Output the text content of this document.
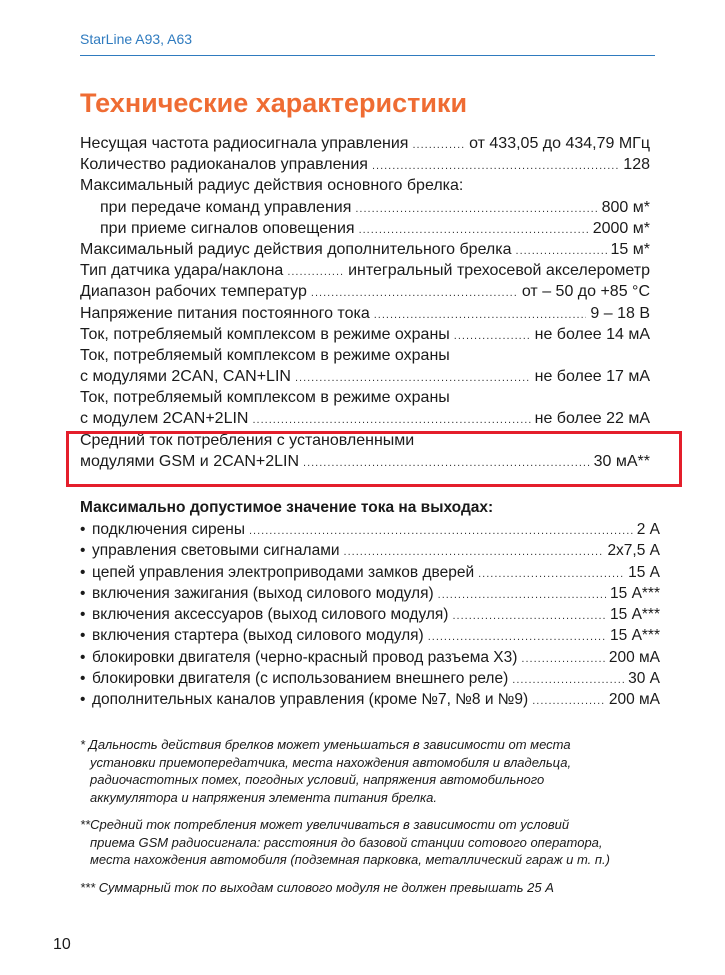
StarLine A93, A63
Технические характеристики
Несущая частота радиосигнала управления .....	от 433,05 до 434,79 МГц
Количество радиоканалов управления .....	128
Максимальный радиус действия основного брелка:
при передаче команд управления .....	800 м*
при приеме сигналов оповещения .....	2000 м*
Максимальный радиус действия дополнительного брелка .....	15 м*
Тип датчика удара/наклона .....	интегральный трехосевой акселерометр
Диапазон рабочих температур .....	от – 50 до +85 °С
Напряжение питания постоянного тока .....	9 – 18 В
Ток, потребляемый комплексом в режиме охраны .....	не более 14 мА
Ток, потребляемый комплексом в режиме охраны
с модулями 2CAN, CAN+LIN .....	не более 17 мА
Ток, потребляемый комплексом в режиме охраны
с модулем 2CAN+2LIN .....	не более 22 мА
Средний ток потребления с установленными
модулями GSM и 2CAN+2LIN .....	30 мА**
Максимально допустимое значение тока на выходах:
• подключения сирены .....	2 А
• управления световыми сигналами .....	2х7,5 А
• цепей управления электроприводами замков дверей .....	15 А
• включения зажигания (выход силового модуля) .....	15 А***
• включения аксессуаров (выход силового модуля) .....	15 А***
• включения стартера (выход силового модуля) .....	15 А***
• блокировки двигателя (черно-красный провод разъема Х3) .....	200 мА
• блокировки двигателя (с использованием внешнего реле) .....	30 А
• дополнительных каналов управления (кроме №7, №8 и №9) .....	200 мА

* Дальность действия брелков может уменьшаться в зависимости от места

установки приемопередатчика, места нахождения автомобиля и владельца,
радиочастотных помех, погодных условий, напряжения автомобильного
аккумулятора и напряжения элемента питания брелка.

**Средний ток потребления может увеличиваться в зависимости от условий

приема GSM радиосигнала: расстояния до базовой станции сотового оператора,
места нахождения автомобиля (подземная парковка, металлический гараж и т. п.)

*** Суммарный ток по выходам силового модуля не должен превышать 25 А

10
